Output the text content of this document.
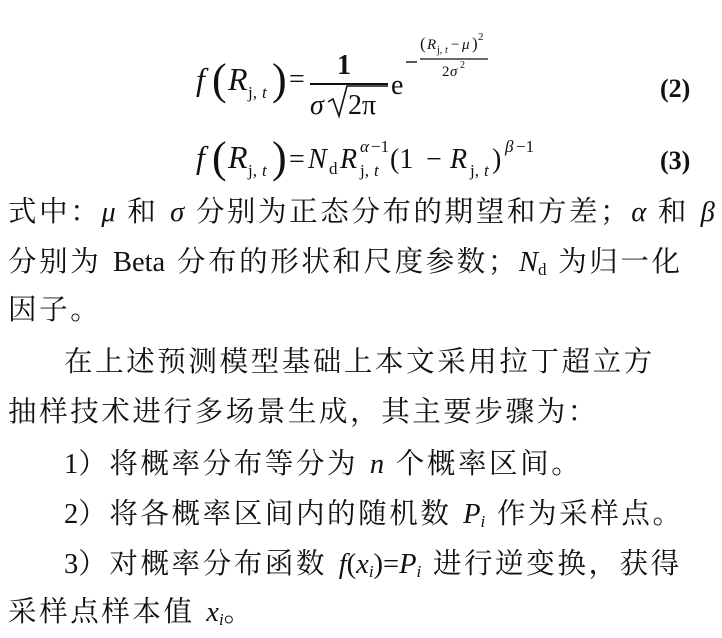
f ( R j, t ) = 1
σ 2π
e
( R j, t − μ ) 2
2 σ 2
(2)
f ( R j, t ) = N d R α −1
j, t (1 − R j, t ) β −1	(3)
式中：μ 和 σ 分别为正态分布的期望和方差；α 和 β
分别为 Beta 分布的形状和尺度参数；$N_d$ 为归一化
因子。
在上述预测模型基础上本文采用拉丁超立方
抽样技术进行多场景生成，其主要步骤为：
1）将概率分布等分为 n 个概率区间。
2）将各概率区间内的随机数 $P_i$ 作为采样点。
3）对概率分布函数 $f(x_i)=P_i$ 进行逆变换，获得
采样点样本值 $x_i$。
